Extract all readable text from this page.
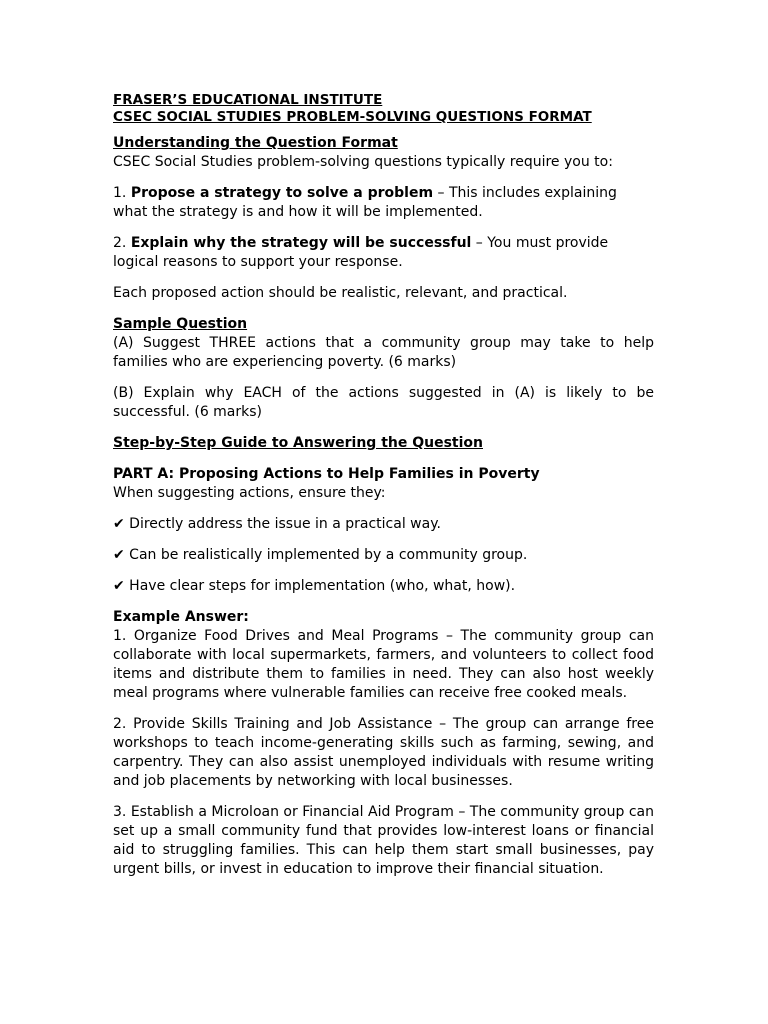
FRASER’S EDUCATIONAL INSTITUTE
CSEC SOCIAL STUDIES PROBLEM-SOLVING QUESTIONS FORMAT
Understanding the Question Format

CSEC Social Studies problem-solving questions typically require you to:

1. Propose a strategy to solve a problem – This includes explaining what the strategy is and how it will be implemented.

2. Explain why the strategy will be successful – You must provide logical reasons to support your response.

Each proposed action should be realistic, relevant, and practical.

Sample Question

(A) Suggest THREE actions that a community group may take to help families who are experiencing poverty. (6 marks)

(B) Explain why EACH of the actions suggested in (A) is likely to be successful. (6 marks)

Step-by-Step Guide to Answering the Question
PART A: Proposing Actions to Help Families in Poverty

When suggesting actions, ensure they:

✔ Directly address the issue in a practical way.

✔ Can be realistically implemented by a community group.

✔ Have clear steps for implementation (who, what, how).

Example Answer:

1. Organize Food Drives and Meal Programs – The community group can collaborate with local supermarkets, farmers, and volunteers to collect food items and distribute them to families in need. They can also host weekly meal programs where vulnerable families can receive free cooked meals.

2. Provide Skills Training and Job Assistance – The group can arrange free workshops to teach income-generating skills such as farming, sewing, and carpentry. They can also assist unemployed individuals with resume writing and job placements by networking with local businesses.

3. Establish a Microloan or Financial Aid Program – The community group can set up a small community fund that provides low-interest loans or financial aid to struggling families. This can help them start small businesses, pay urgent bills, or invest in education to improve their financial situation.
